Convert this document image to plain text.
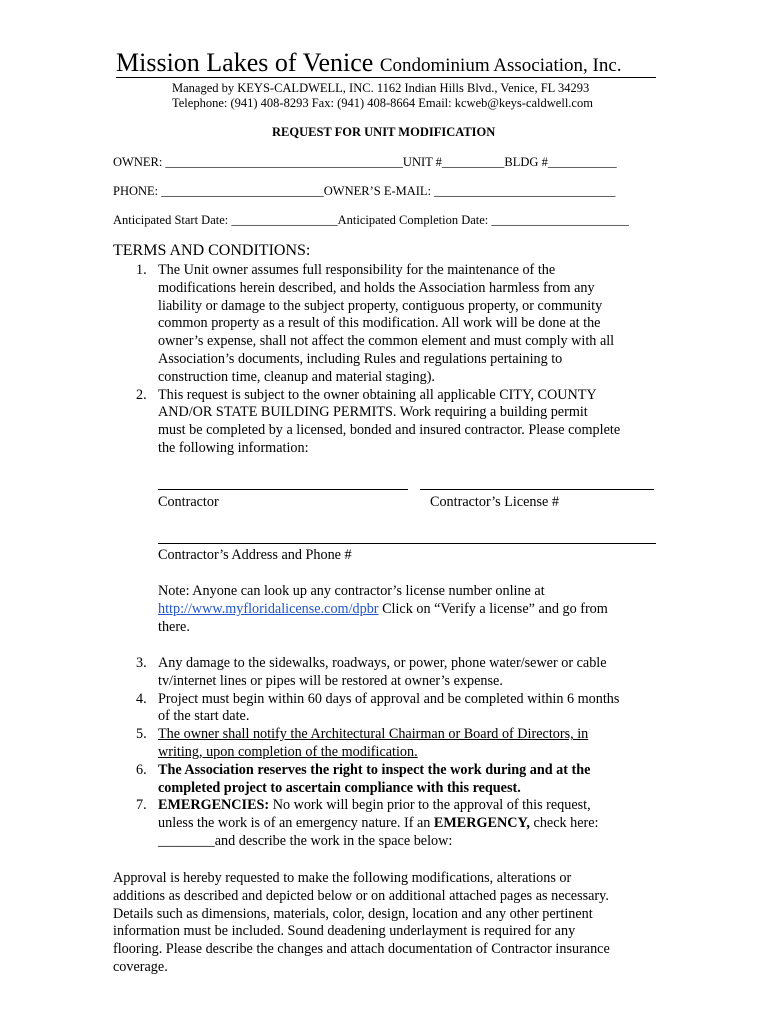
Mission Lakes of Venice Condominium Association, Inc.
Managed by KEYS-CALDWELL, INC. 1162 Indian Hills Blvd., Venice, FL 34293
Telephone: (941) 408-8293 Fax: (941) 408-8664 Email: kcweb@keys-caldwell.com
REQUEST FOR UNIT MODIFICATION
OWNER: ______________________________________UNIT #__________BLDG #___________
PHONE: __________________________OWNER’S E-MAIL: _____________________________
Anticipated Start Date: _________________Anticipated Completion Date: ______________________
TERMS AND CONDITIONS:
1. The Unit owner assumes full responsibility for the maintenance of the
modifications herein described, and holds the Association harmless from any
liability or damage to the subject property, contiguous property, or community
common property as a result of this modification. All work will be done at the
owner’s expense, shall not affect the common element and must comply with all
Association’s documents, including Rules and regulations pertaining to
construction time, cleanup and material staging).
2. This request is subject to the owner obtaining all applicable CITY, COUNTY
AND/OR STATE BUILDING PERMITS. Work requiring a building permit
must be completed by a licensed, bonded and insured contractor. Please complete
the following information:
Contractor	Contractor’s License #
Contractor’s Address and Phone #
Note: Anyone can look up any contractor’s license number online at
http://www.myfloridalicense.com/dpbr Click on “Verify a license” and go from
there.
3. Any damage to the sidewalks, roadways, or power, phone water/sewer or cable
tv/internet lines or pipes will be restored at owner’s expense.
4. Project must begin within 60 days of approval and be completed within 6 months
of the start date.
5. The owner shall notify the Architectural Chairman or Board of Directors, in
writing, upon completion of the modification.
6. The Association reserves the right to inspect the work during and at the
completed project to ascertain compliance with this request.
7. EMERGENCIES: No work will begin prior to the approval of this request,
unless the work is of an emergency nature. If an EMERGENCY, check here:
________and describe the work in the space below:
Approval is hereby requested to make the following modifications, alterations or
additions as described and depicted below or on additional attached pages as necessary.
Details such as dimensions, materials, color, design, location and any other pertinent
information must be included. Sound deadening underlayment is required for any
flooring. Please describe the changes and attach documentation of Contractor insurance
coverage.
